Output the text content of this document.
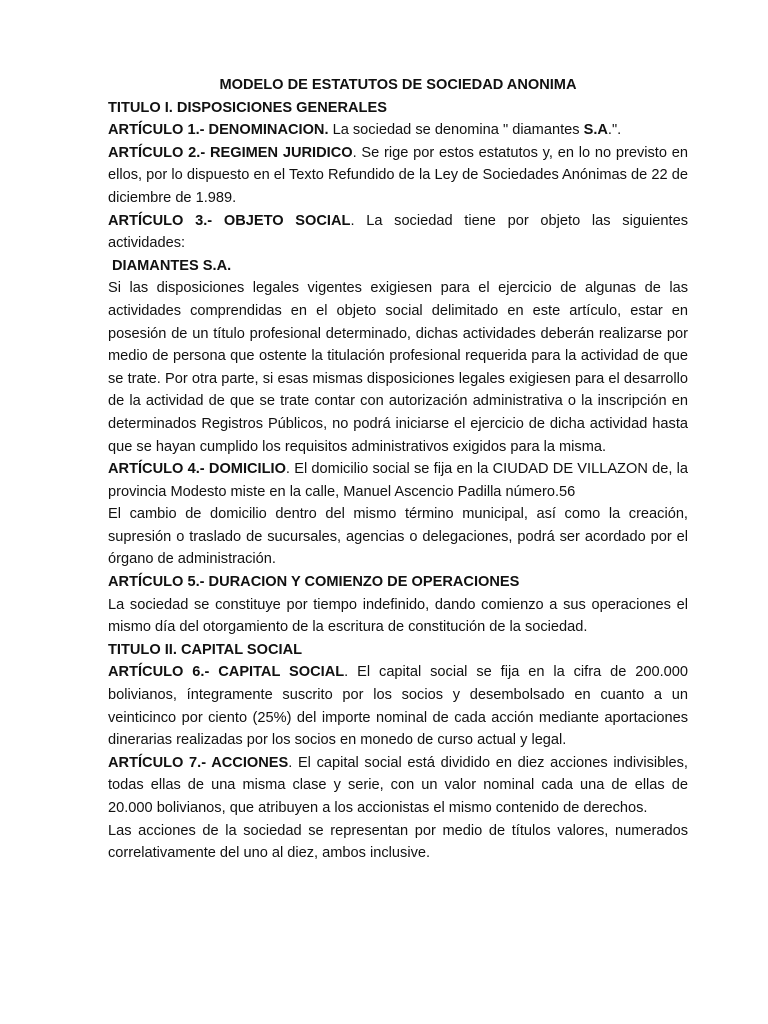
MODELO DE ESTATUTOS DE SOCIEDAD ANONIMA

TITULO I. DISPOSICIONES GENERALES

ARTÍCULO 1.- DENOMINACION. La sociedad se denomina " diamantes S.A.".

ARTÍCULO 2.- REGIMEN JURIDICO. Se rige por estos estatutos y, en lo no previsto en ellos, por lo dispuesto en el Texto Refundido de la Ley de Sociedades Anónimas de 22 de diciembre de 1.989.

ARTÍCULO 3.- OBJETO SOCIAL. La sociedad tiene por objeto las siguientes actividades:

DIAMANTES S.A.

Si las disposiciones legales vigentes exigiesen para el ejercicio de algunas de las actividades comprendidas en el objeto social delimitado en este artículo, estar en posesión de un título profesional determinado, dichas actividades deberán realizarse por medio de persona que ostente la titulación profesional requerida para la actividad de que se trate. Por otra parte, si esas mismas disposiciones legales exigiesen para el desarrollo de la actividad de que se trate contar con autorización administrativa o la inscripción en determinados Registros Públicos, no podrá iniciarse el ejercicio de dicha actividad hasta que se hayan cumplido los requisitos administrativos exigidos para la misma.

ARTÍCULO 4.- DOMICILIO. El domicilio social se fija en la CIUDAD DE VILLAZON de, la provincia Modesto miste en la calle, Manuel Ascencio Padilla número.56

El cambio de domicilio dentro del mismo término municipal, así como la creación, supresión o traslado de sucursales, agencias o delegaciones, podrá ser acordado por el órgano de administración.

ARTÍCULO 5.- DURACION Y COMIENZO DE OPERACIONES

La sociedad se constituye por tiempo indefinido, dando comienzo a sus operaciones el mismo día del otorgamiento de la escritura de constitución de la sociedad.

TITULO II. CAPITAL SOCIAL

ARTÍCULO 6.- CAPITAL SOCIAL. El capital social se fija en la cifra de 200.000 bolivianos, íntegramente suscrito por los socios y desembolsado en cuanto a un veinticinco por ciento (25%) del importe nominal de cada acción mediante aportaciones dinerarias realizadas por los socios en monedo de curso actual y legal.

ARTÍCULO 7.- ACCIONES. El capital social está dividido en diez acciones indivisibles, todas ellas de una misma clase y serie, con un valor nominal cada una de ellas de 20.000 bolivianos, que atribuyen a los accionistas el mismo contenido de derechos.

Las acciones de la sociedad se representan por medio de títulos valores, numerados correlativamente del uno al diez, ambos inclusive.
